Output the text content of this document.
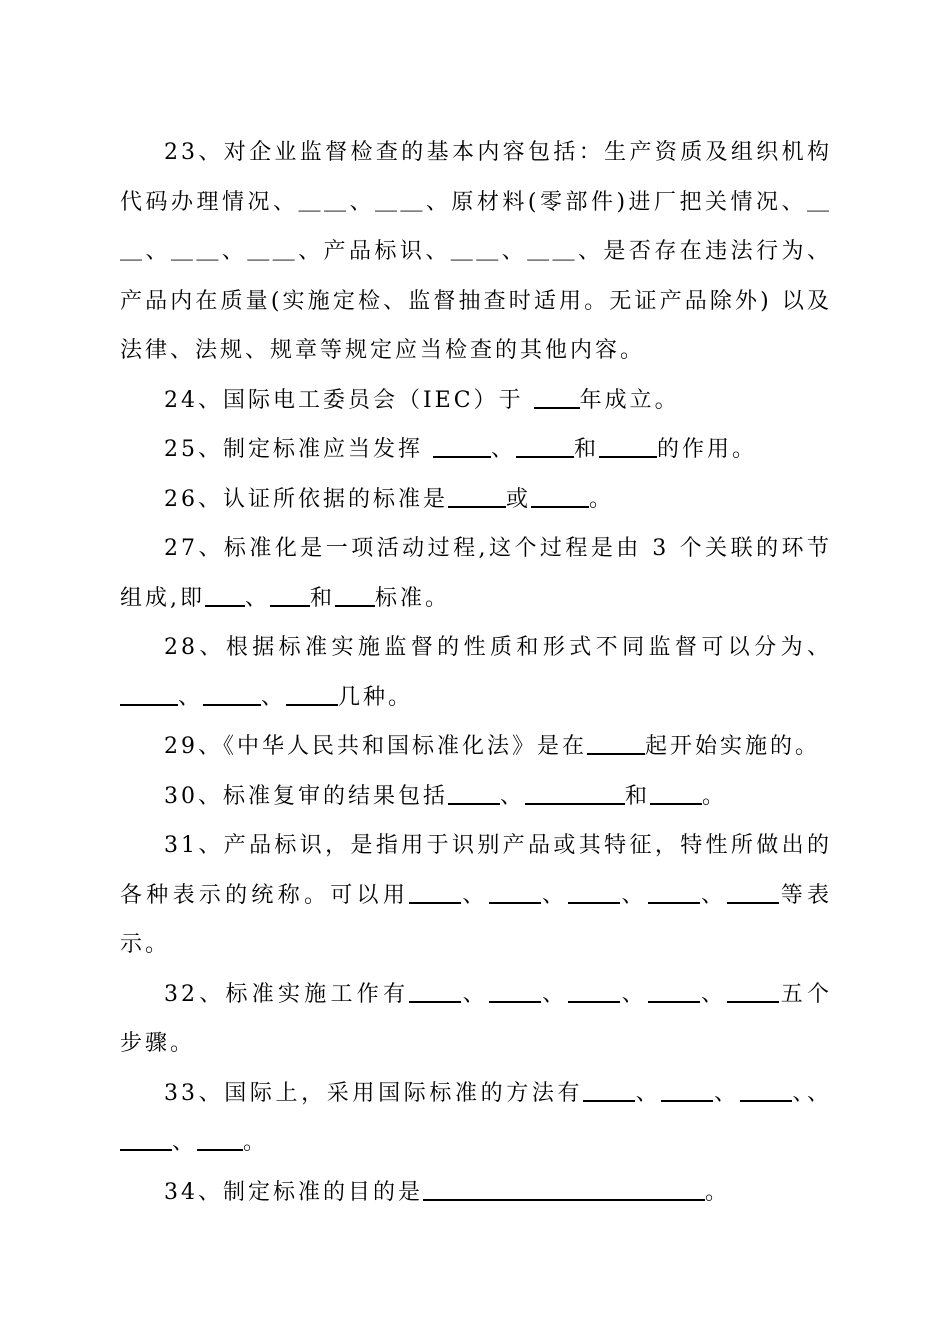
23、对企业监督检查的基本内容包括：生产资质及组织机构代码办理情况、＿＿、＿＿、原材料(零部件)进厂把关情况、＿＿、＿＿、＿＿、产品标识、＿＿、＿＿、是否存在违法行为、产品内在质量(实施定检、监督抽查时适用。无证产品除外) 以及法律、法规、规章等规定应当检查的其他内容。

24、国际电工委员会（IEC）于 年成立。

25、制定标准应当发挥	、	和	的作用。

26、认证所依据的标准是	或	。

27、标准化是一项活动过程,这个过程是由 3 个关联的环节组成,即 、 和 标准。

28、根据标准实施监督的性质和形式不同监督可以分为、、	、 几种。

29、《中华人民共和国标准化法》是在	起开始实施的。

30、标准复审的结果包括 、	和 。

31、产品标识，是指用于识别产品或其特征，特性所做出的各种表示的统称。可以用 、 、 、 、 等表示。

32、标准实施工作有 、 、 、 、 五个步骤。

33、国际上，采用国际标准的方法有 、 、 、、、 。

34、制定标准的目的是	。
